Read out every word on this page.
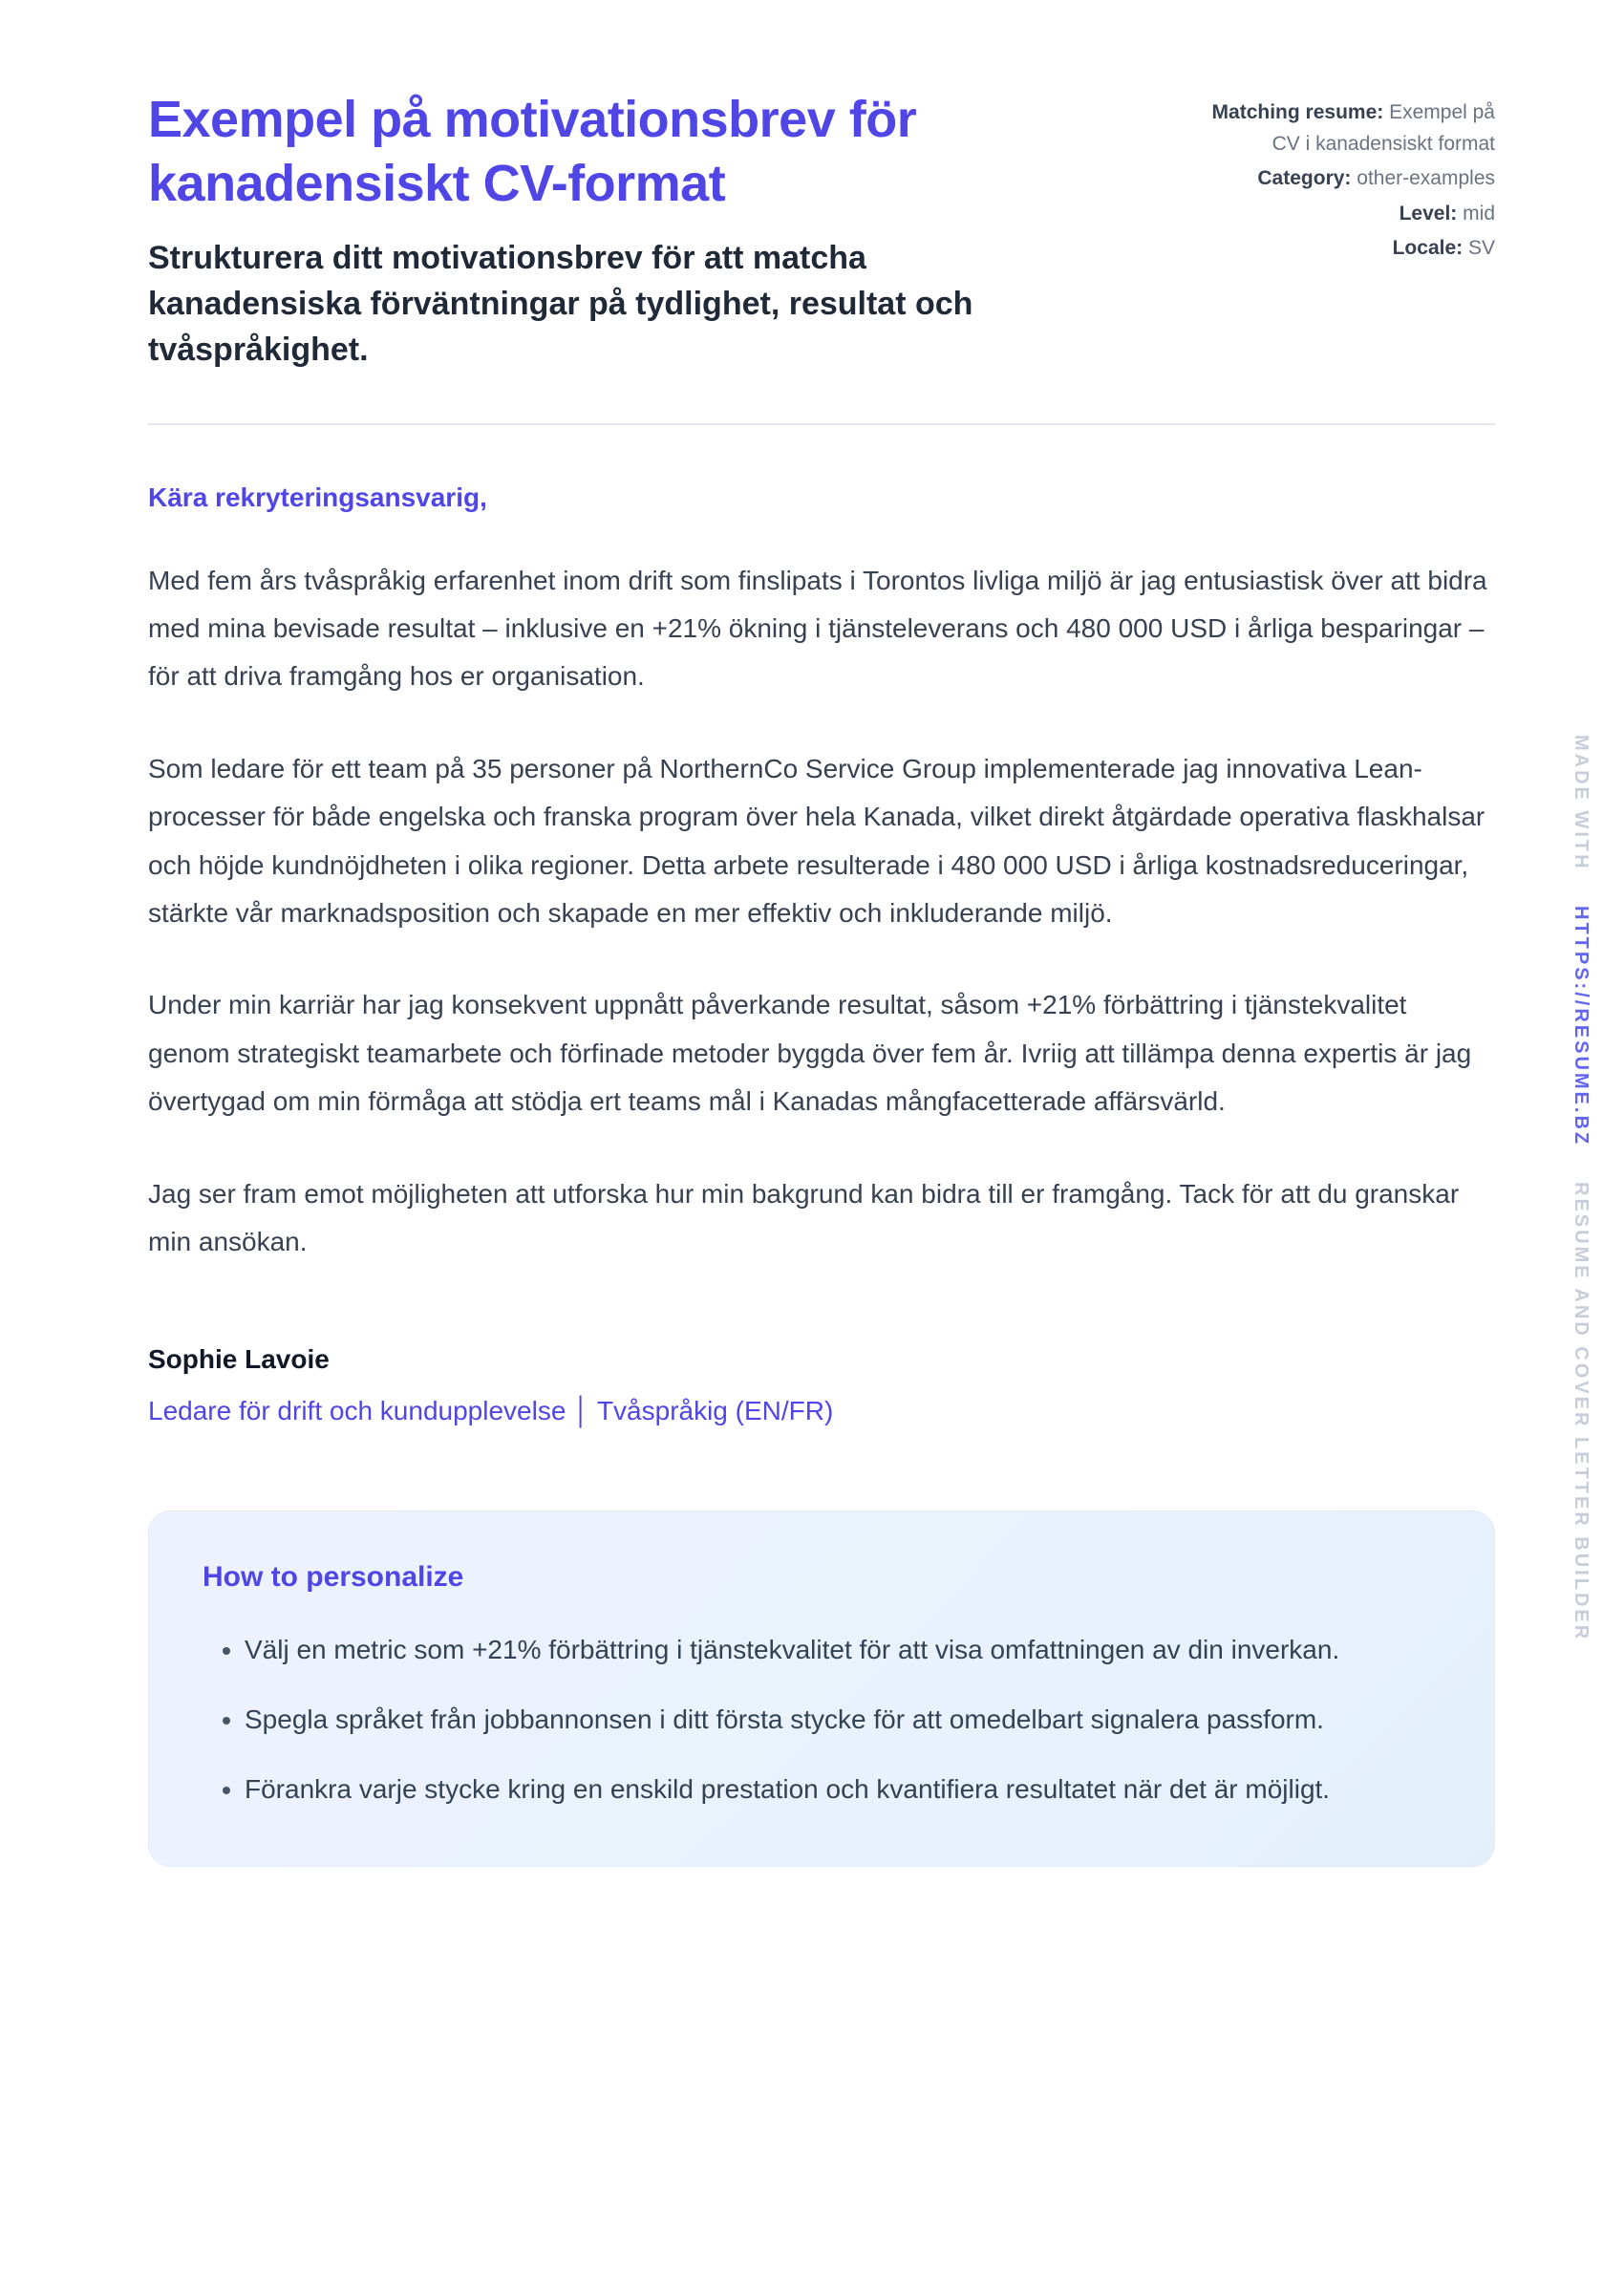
Exempel på motivationsbrev för kanadensiskt CV-format

Strukturera ditt motivationsbrev för att matcha kanadensiska förväntningar på tydlighet, resultat och tvåspråkighet.

Matching resume: Exempel på CV i kanadensiskt format
Category: other-examples
Level: mid
Locale: SV

Kära rekryteringsansvarig,

Med fem års tvåspråkig erfarenhet inom drift som finslipats i Torontos livliga miljö är jag entusiastisk över att bidra med mina bevisade resultat – inklusive en +21% ökning i tjänsteleverans och 480 000 USD i årliga besparingar – för att driva framgång hos er organisation.

Som ledare för ett team på 35 personer på NorthernCo Service Group implementerade jag innovativa Lean-processer för både engelska och franska program över hela Kanada, vilket direkt åtgärdade operativa flaskhalsar och höjde kundnöjdheten i olika regioner. Detta arbete resulterade i 480 000 USD i årliga kostnadsreduceringar, stärkte vår marknadsposition och skapade en mer effektiv och inkluderande miljö.

Under min karriär har jag konsekvent uppnått påverkande resultat, såsom +21% förbättring i tjänstekvalitet genom strategiskt teamarbete och förfinade metoder byggda över fem år. Ivriig att tillämpa denna expertis är jag övertygad om min förmåga att stödja ert teams mål i Kanadas mångfacetterade affärsvärld.

Jag ser fram emot möjligheten att utforska hur min bakgrund kan bidra till er framgång. Tack för att du granskar min ansökan.

Sophie Lavoie

Ledare för drift och kundupplevelse │ Tvåspråkig (EN/FR)

How to personalize
• Välj en metric som +21% förbättring i tjänstekvalitet för att visa omfattningen av din inverkan.
• Spegla språket från jobbannonsen i ditt första stycke för att omedelbart signalera passform.
• Förankra varje stycke kring en enskild prestation och kvantifiera resultatet när det är möjligt.
MADE WITH HTTPS://RESUME.BZ RESUME AND COVER LETTER BUILDER
